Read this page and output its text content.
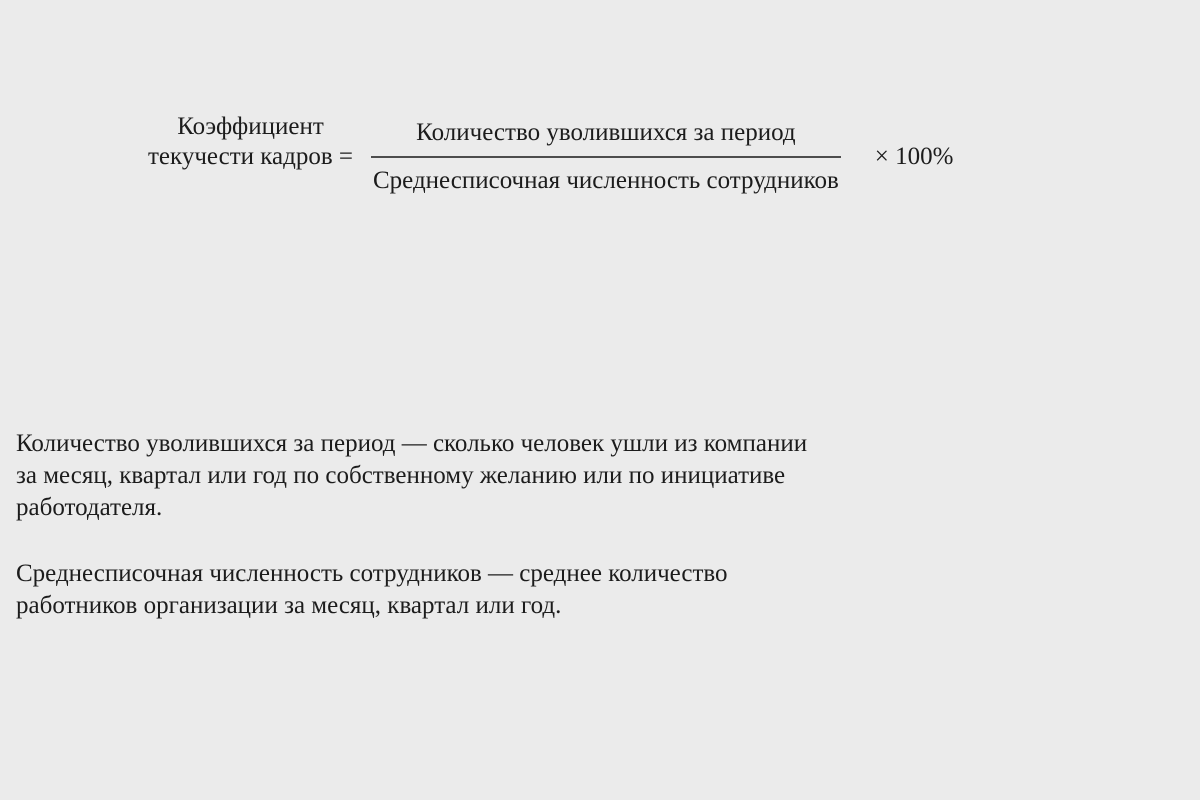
Коэффициент
текучести кадров = $\frac{\text{Количество уволившихся за период}}{\text{Среднесписочная численность сотрудников}} \times 100\%$

Количество уволившихся за период — сколько человек ушли из компании
за месяц, квартал или год по собственному желанию или по инициативе
работодателя.

Среднесписочная численность сотрудников — среднее количество
работников организации за месяц, квартал или год.
